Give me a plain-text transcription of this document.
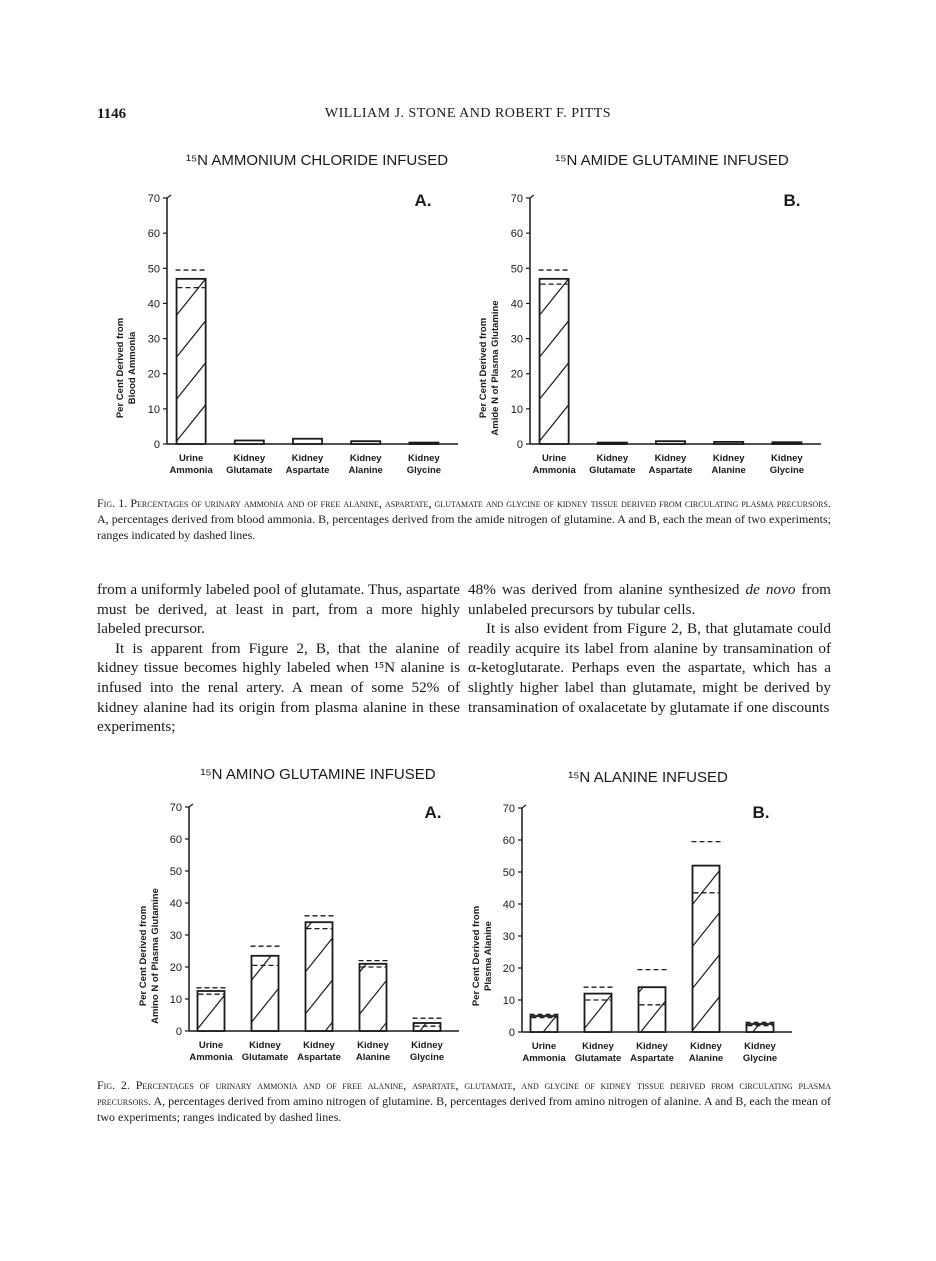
1146	WILLIAM J. STONE AND ROBERT F. PITTS
¹⁵N AMMONIUM CHLORIDE INFUSED
A.
0
10
20
30
40
50
60
70
Per Cent Derived fromBlood Ammonia
Urine Ammonia
Kidney Glutamate
Kidney Aspartate
Kidney Alanine
Kidney Glycine
¹⁵N AMIDE GLUTAMINE INFUSED
B.
0
10
20
30
40
50
60
70
Per Cent Derived fromAmide N of Plasma Glutamine
Urine Ammonia
Kidney Glutamate
Kidney Aspartate
Kidney Alanine
Kidney Glycine
Fig. 1. Percentages of urinary ammonia and of free alanine, aspartate, glutamate and glycine of kidney tissue derived from circulating plasma precursors. A, percentages derived from blood ammonia. B, percentages derived from the amide nitrogen of glutamine. A and B, each the mean of two experiments; ranges indicated by dashed lines.

from a uniformly labeled pool of glutamate. Thus, aspartate must be derived, at least in part, from a more highly labeled precursor.

It is apparent from Figure 2, B, that the alanine of kidney tissue becomes highly labeled when ¹⁵N alanine is infused into the renal artery. A mean of some 52% of kidney alanine had its origin from plasma alanine in these experiments;

48% was derived from alanine synthesized de novo from unlabeled precursors by tubular cells.

It is also evident from Figure 2, B, that glutamate could readily acquire its label from alanine by transamination of α-ketoglutarate. Perhaps even the aspartate, which has a slightly higher label than glutamate, might be derived by transamination of oxalacetate by glutamate if one discounts

¹⁵N AMINO GLUTAMINE INFUSED
A.
0
10
20
30
40
50
60
70
Per Cent Derived fromAmino N of Plasma Glutamine
Urine Ammonia
Kidney Glutamate
Kidney Aspartate
Kidney Alanine
Kidney Glycine
¹⁵N ALANINE INFUSED
B.
0
10
20
30
40
50
60
70
Per Cent Derived fromPlasma Alanine
Urine Ammonia
Kidney Glutamate
Kidney Aspartate
Kidney Alanine
Kidney Glycine
Fig. 2. Percentages of urinary ammonia and of free alanine, aspartate, glutamate, and glycine of kidney tissue derived from circulating plasma precursors. A, percentages derived from amino nitrogen of glutamine. B, percentages derived from amino nitrogen of alanine. A and B, each the mean of two experiments; ranges indicated by dashed lines.
